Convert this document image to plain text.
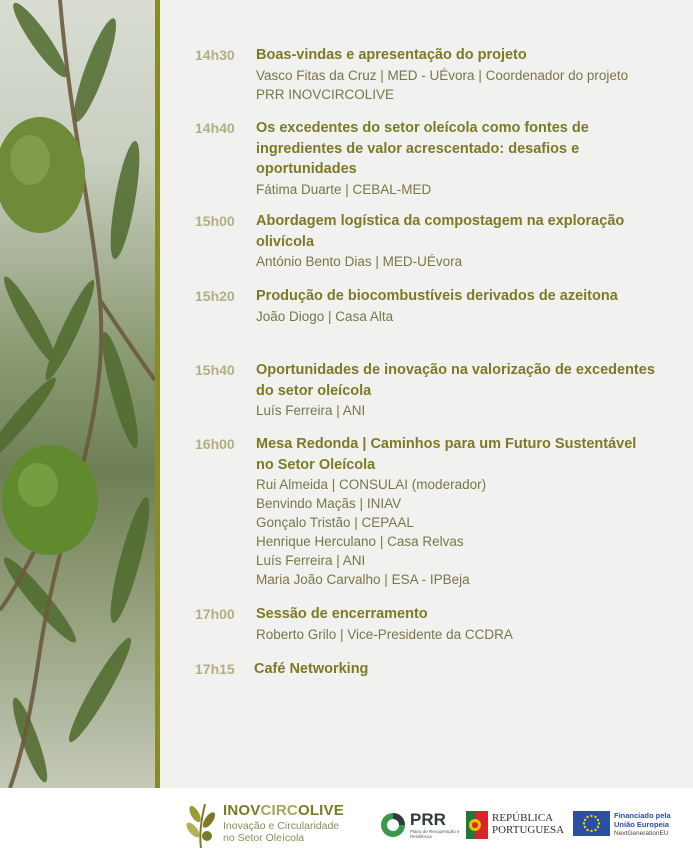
14h30	Boas-vindas e apresentação do projeto
Vasco Fitas da Cruz | MED - UÉvora | Coordenador do projeto PRR INOVCIRCOLIVE
14h40	Os excedentes do setor oleícola como fontes de ingredientes de valor acrescentado: desafios e oportunidades
Fátima Duarte | CEBAL-MED
15h00	Abordagem logística da compostagem na exploração olivícola
António Bento Dias | MED-UÉvora
15h20	Produção de biocombustíveis derivados de azeitona
João Diogo | Casa Alta
15h40	Oportunidades de inovação na valorização de excedentes do setor oleícola
Luís Ferreira | ANI
16h00	Mesa Redonda | Caminhos para um Futuro Sustentável no Setor Oleícola
Rui Almeida | CONSULAI (moderador)
Benvindo Maçãs | INIAV
Gonçalo Tristão | CEPAAL
Henrique Herculano | Casa Relvas
Luís Ferreira | ANI
Maria João Carvalho | ESA - IPBeja
17h00	Sessão de encerramento
Roberto Grilo | Vice-Presidente da CCDRA
17h15	Café Networking
INOVCIRCOLIVE
Inovação e Circularidade
no Setor Oleícola
PRR
Plano de Recuperação e Resiliência
REPÚBLICA
PORTUGUESA
Financiado pela
União Europeia
NextGenerationEU
